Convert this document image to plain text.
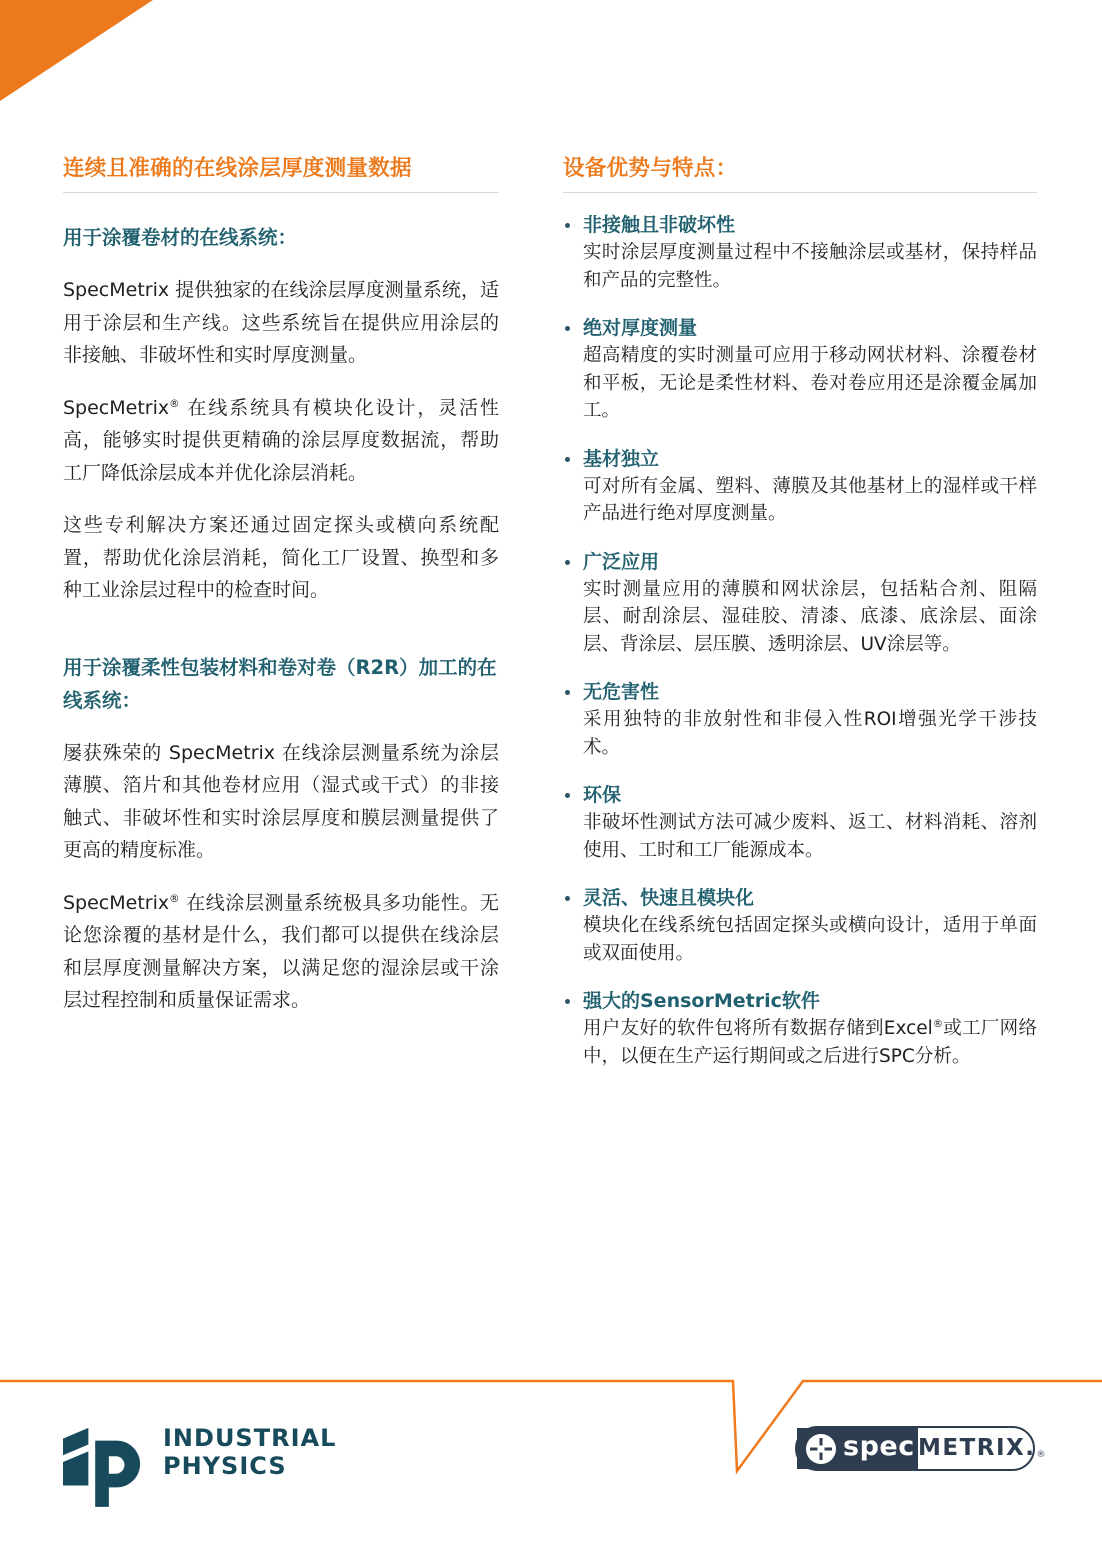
连续且准确的在线涂层厚度测量数据
用于涂覆卷材的在线系统：

SpecMetrix 提供独家的在线涂层厚度测量系统，适用于涂层和生产线。这些系统旨在提供应用涂层的非接触、非破坏性和实时厚度测量。

SpecMetrix® 在线系统具有模块化设计，灵活性高，能够实时提供更精确的涂层厚度数据流，帮助工厂降低涂层成本并优化涂层消耗。

这些专利解决方案还通过固定探头或横向系统配置，帮助优化涂层消耗，简化工厂设置、换型和多种工业涂层过程中的检查时间。

用于涂覆柔性包装材料和卷对卷（R2R）加工的在线系统：

屡获殊荣的 SpecMetrix 在线涂层测量系统为涂层薄膜、箔片和其他卷材应用（湿式或干式）的非接触式、非破坏性和实时涂层厚度和膜层测量提供了更高的精度标准。

SpecMetrix® 在线涂层测量系统极具多功能性。无论您涂覆的基材是什么，我们都可以提供在线涂层和层厚度测量解决方案，以满足您的湿涂层或干涂层过程控制和质量保证需求。

设备优势与特点：
非接触且非破坏性
实时涂层厚度测量过程中不接触涂层或基材，保持样品和产品的完整性。
绝对厚度测量
超高精度的实时测量可应用于移动网状材料、涂覆卷材和平板，无论是柔性材料、卷对卷应用还是涂覆金属加工。
基材独立
可对所有金属、塑料、薄膜及其他基材上的湿样或干样产品进行绝对厚度测量。
广泛应用
实时测量应用的薄膜和网状涂层，包括粘合剂、阻隔层、耐刮涂层、湿硅胶、清漆、底漆、底涂层、面涂层、背涂层、层压膜、透明涂层、UV涂层等。
无危害性
采用独特的非放射性和非侵入性ROI增强光学干涉技术。
环保
非破坏性测试方法可减少废料、返工、材料消耗、溶剂使用、工时和工厂能源成本。
灵活、快速且模块化
模块化在线系统包括固定探头或横向设计，适用于单面或双面使用。
强大的SensorMetric软件
用户友好的软件包将所有数据存储到Excel®或工厂网络中，以便在生产运行期间或之后进行SPC分析。
INDUSTRIAL
PHYSICS
spec METRIX. ®
